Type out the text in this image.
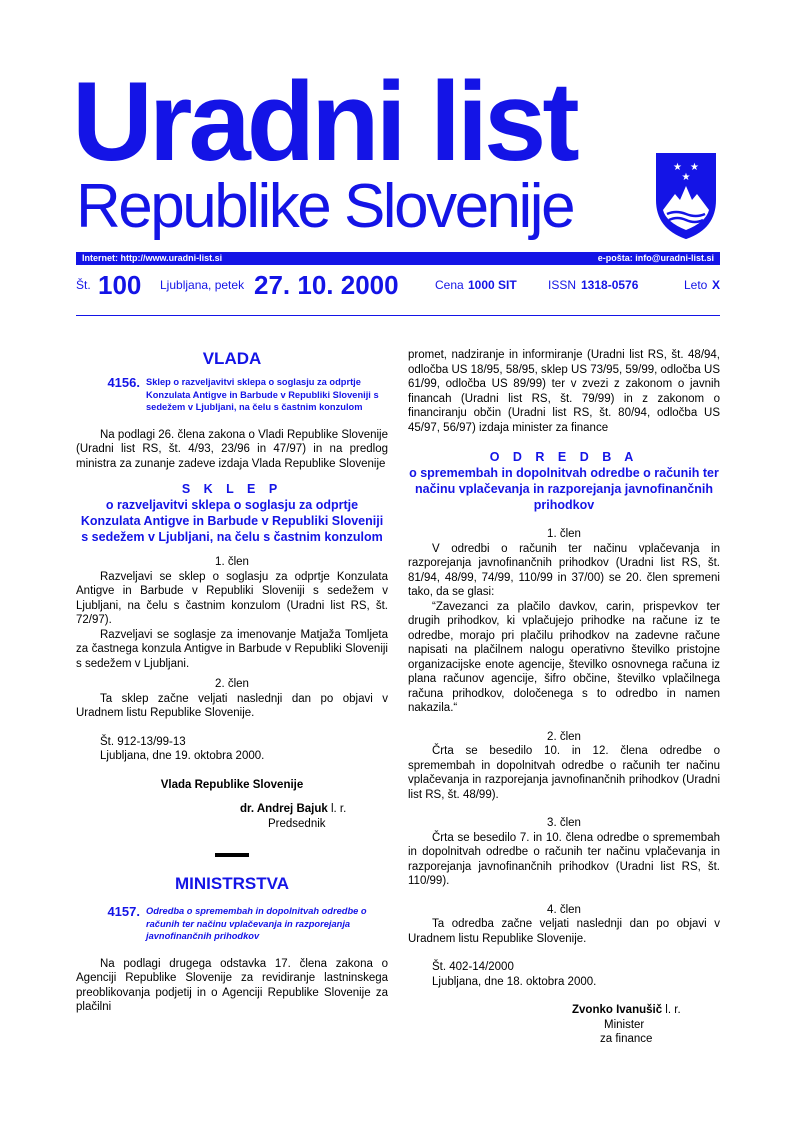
Uradni list
Republike Slovenije
★ ★
★
Internet: http://www.uradni-list.si	e-pošta: info@uradni-list.si
Št. 100 Ljubljana, petek 27. 10. 2000	Cena 1000 SIT	ISSN 1318-0576	Leto X
VLADA
4156. Sklep o razveljavitvi sklepa o soglasju za odprtje Konzulata Antigve in Barbude v Republiki Sloveniji s sedežem v Ljubljani, na čelu s častnim konzulom

Na podlagi 26. člena zakona o Vladi Republike Slovenije (Uradni list RS, št. 4/93, 23/96 in 47/97) in na predlog ministra za zunanje zadeve izdaja Vlada Republike Slovenije

S K L E P
o razveljavitvi sklepa o soglasju za odprtje Konzulata Antigve in Barbude v Republiki Sloveniji s sedežem v Ljubljani, na čelu s častnim konzulom
1. člen

Razveljavi se sklep o soglasju za odprtje Konzulata Antigve in Barbude v Republiki Sloveniji s sedežem v Ljubljani, na čelu s častnim konzulom (Uradni list RS, št. 72/97).

Razveljavi se soglasje za imenovanje Matjaža Tomljeta za častnega konzula Antigve in Barbude v Republiki Sloveniji s sedežem v Ljubljani.

2. člen

Ta sklep začne veljati naslednji dan po objavi v Uradnem listu Republike Slovenije.

Št. 912-13/99-13

Ljubljana, dne 19. oktobra 2000.

Vlada Republike Slovenije
dr. Andrej Bajuk l. r.
Predsednik
MINISTRSTVA
4157. Odredba o spremembah in dopolnitvah odredbe o računih ter načinu vplačevanja in razporejanja javnofinančnih prihodkov

Na podlagi drugega odstavka 17. člena zakona o Agenciji Republike Slovenije za revidiranje lastninskega preoblikovanja podjetij in o Agenciji Republike Slovenije za plačilni

promet, nadziranje in informiranje (Uradni list RS, št. 48/94, odločba US 18/95, 58/95, sklep US 73/95, 59/99, odločba US 61/99, odločba US 89/99) ter v zvezi z zakonom o javnih financah (Uradni list RS, št. 79/99) in z zakonom o financiranju občin (Uradni list RS, št. 80/94, odločba US 45/97, 56/97) izdaja minister za finance

O D R E D B A
o spremembah in dopolnitvah odredbe o računih ter načinu vplačevanja in razporejanja javnofinančnih prihodkov
1. člen

V odredbi o računih ter načinu vplačevanja in razporejanja javnofinančnih prihodkov (Uradni list RS, št. 81/94, 48/99, 74/99, 110/99 in 37/00) se 20. člen spremeni tako, da se glasi:

“Zavezanci za plačilo davkov, carin, prispevkov ter drugih prihodkov, ki vplačujejo prihodke na račune iz te odredbe, morajo pri plačilu prihodkov na zadevne račune napisati na plačilnem nalogu operativno številko pristojne organizacijske enote agencije, številko osnovnega računa iz plana računov agencije, šifro občine, številko vplačilnega računa prihodkov, določenega s to odredbo in namen nakazila.“

2. člen

Črta se besedilo 10. in 12. člena odredbe o spremembah in dopolnitvah odredbe o računih ter načinu vplačevanja in razporejanja javnofinančnih prihodkov (Uradni list RS, št. 48/99).

3. člen

Črta se besedilo 7. in 10. člena odredbe o spremembah in dopolnitvah odredbe o računih ter načinu vplačevanja in razporejanja javnofinančnih prihodkov (Uradni list RS, št. 110/99).

4. člen

Ta odredba začne veljati naslednji dan po objavi v Uradnem listu Republike Slovenije.

Št. 402-14/2000

Ljubljana, dne 18. oktobra 2000.

Zvonko Ivanušič l. r.
Minister
za finance
